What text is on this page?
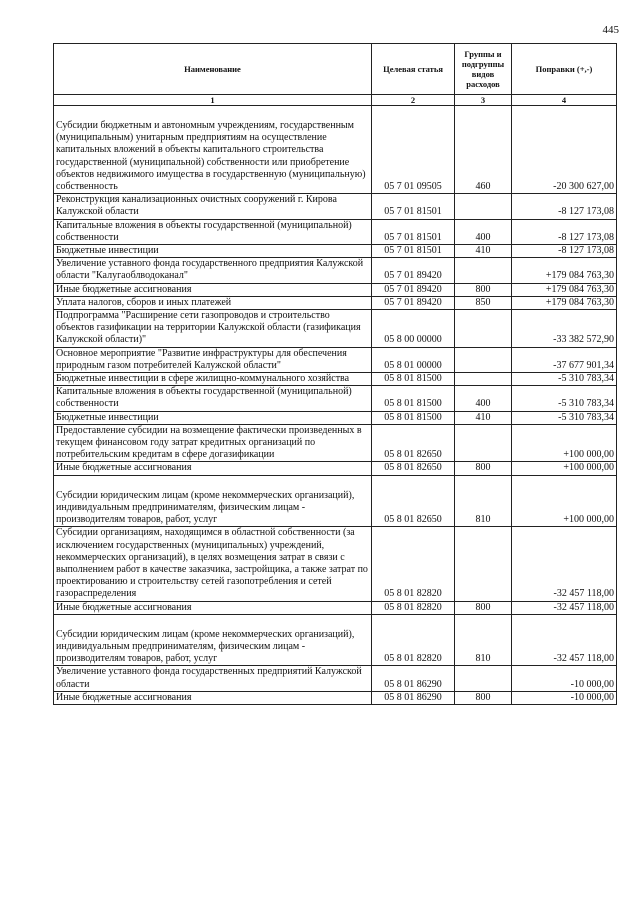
445
Наименование	Целевая статья	Группы и подгруппы видов расходов	Поправки (+,-)
1	2	3	4

Субсидии бюджетным и автономным учреждениям, государственным (муниципальным) унитарным предприятиям на осуществление капитальных вложений в объекты капитального строительства государственной (муниципальной) собственности или приобретение объектов недвижимого имущества в государственную (муниципальную) собственность	05 7 01 09505	460	-20 300 627,00
Реконструкция канализационных очистных сооружений г. Кирова Калужской области	05 7 01 81501		-8 127 173,08
Капитальные вложения в объекты государственной (муниципальной) собственности	05 7 01 81501	400	-8 127 173,08
Бюджетные инвестиции	05 7 01 81501	410	-8 127 173,08
Увеличение уставного фонда государственного предприятия Калужской области "Калугаоблводоканал"	05 7 01 89420		+179 084 763,30
Иные бюджетные ассигнования	05 7 01 89420	800	+179 084 763,30
Уплата налогов, сборов и иных платежей	05 7 01 89420	850	+179 084 763,30
Подпрограмма "Расширение сети газопроводов и строительство объектов газификации на территории Калужской области (газификация Калужской области)"	05 8 00 00000		-33 382 572,90
Основное мероприятие "Развитие инфраструктуры для обеспечения природным газом потребителей Калужской области"	05 8 01 00000		-37 677 901,34
Бюджетные инвестиции в сфере жилищно-коммунального хозяйства	05 8 01 81500		-5 310 783,34
Капитальные вложения в объекты государственной (муниципальной) собственности	05 8 01 81500	400	-5 310 783,34
Бюджетные инвестиции	05 8 01 81500	410	-5 310 783,34
Предоставление субсидии на возмещение фактически произведенных в текущем финансовом году затрат кредитных организаций по потребительским кредитам в сфере догазификации	05 8 01 82650		+100 000,00
Иные бюджетные ассигнования	05 8 01 82650	800	+100 000,00

Субсидии юридическим лицам (кроме некоммерческих организаций), индивидуальным предпринимателям, физическим лицам - производителям товаров, работ, услуг	05 8 01 82650	810	+100 000,00
Субсидии организациям, находящимся в областной собственности (за исключением государственных (муниципальных) учреждений, некоммерческих организаций), в целях возмещения затрат в связи с выполнением работ в качестве заказчика, застройщика, а также затрат по проектированию и строительству сетей газопотребления и сетей газораспределения	05 8 01 82820		-32 457 118,00
Иные бюджетные ассигнования	05 8 01 82820	800	-32 457 118,00

Субсидии юридическим лицам (кроме некоммерческих организаций), индивидуальным предпринимателям, физическим лицам - производителям товаров, работ, услуг	05 8 01 82820	810	-32 457 118,00
Увеличение уставного фонда государственных предприятий Калужской области	05 8 01 86290		-10 000,00
Иные бюджетные ассигнования	05 8 01 86290	800	-10 000,00
